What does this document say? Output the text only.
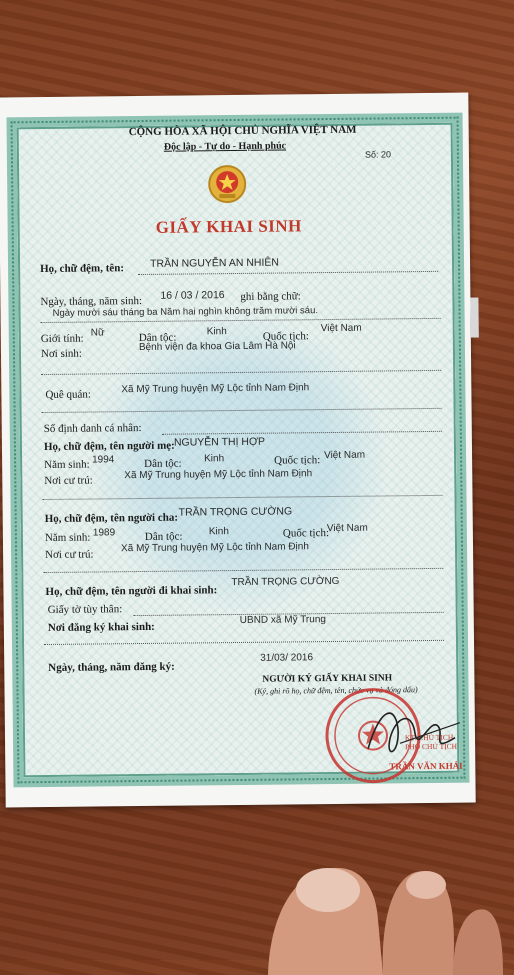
CỘNG HÒA XÃ HỘI CHỦ NGHĨA VIỆT NAM
Độc lập - Tự do - Hạnh phúc
Số: 20
GIẤY KHAI SINH
Họ, chữ đệm, tên: TRẦN NGUYỄN AN NHIÊN
Ngày, tháng, năm sinh: 16 / 03 / 2016 ghi bằng chữ:
Ngày mười sáu tháng ba Năm hai nghìn không trăm mười sáu.
Giới tính: Nữ	Dân tộc:	Kinh	Quốc tịch:
Việt Nam
Nơi sinh:
Bệnh viện đa khoa Gia Lâm Hà Nội
Quê quán:	Xã Mỹ Trung huyện Mỹ Lộc tỉnh Nam Định
Số định danh cá nhân:
Họ, chữ đệm, tên người mẹ: NGUYỄN THỊ HỢP
Năm sinh: 1994	Dân tộc: Kinh	Quốc tịch: Việt Nam
Nơi cư trú:	Xã Mỹ Trung huyện Mỹ Lộc tỉnh Nam Định
Họ, chữ đệm, tên người cha: TRẦN TRỌNG CƯỜNG
Năm sinh: 1989	Dân tộc:	Kinh	Quốc tịch:
Việt Nam
Nơi cư trú:
Xã Mỹ Trung huyện Mỹ Lộc tỉnh Nam Định
Họ, chữ đệm, tên người đi khai sinh:
TRẦN TRỌNG CƯỜNG
Giấy tờ tùy thân:
Nơi đăng ký khai sinh:
UBND xã Mỹ Trung
Ngày, tháng, năm đăng ký:
31/03/ 2016
NGƯỜI KÝ GIẤY KHAI SINH
(Ký, ghi rõ họ, chữ đệm, tên, chức vụ và đóng dấu)
KT. CHỦ TỊCH PHÓ CHỦ TỊCH
TRẦN VĂN KHẢI
